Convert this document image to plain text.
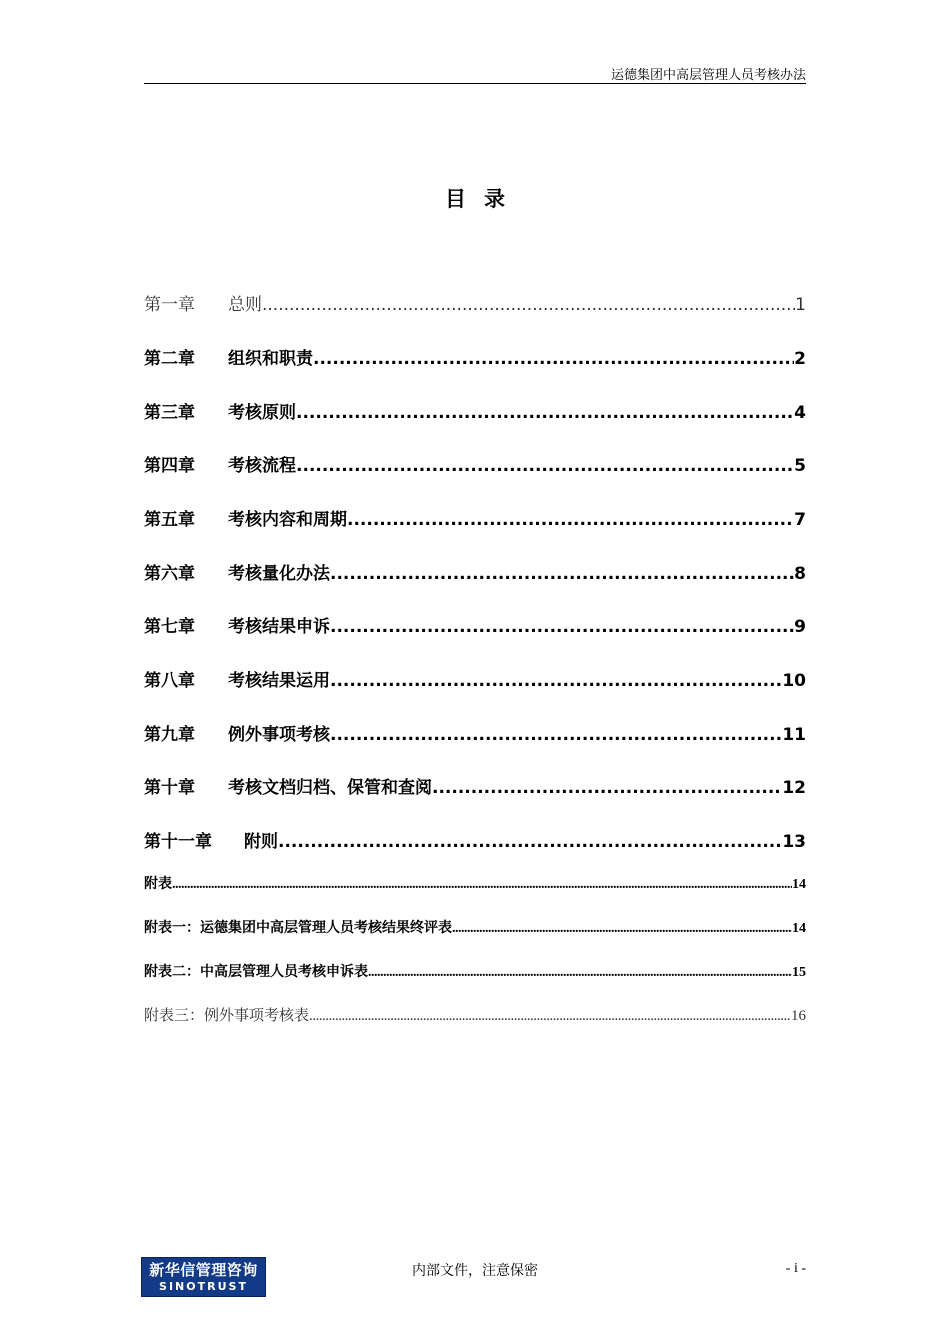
运德集团中高层管理人员考核办法
目录
第一章	总则 .....	1
第二章	组织和职责 .....	2
第三章	考核原则 .....	4
第四章	考核流程 .....	5
第五章	考核内容和周期 .....	7
第六章	考核量化办法 .....	8
第七章	考核结果申诉 .....	9
第八章	考核结果运用 .....	10
第九章	例外事项考核 .....	11
第十章	考核文档归档、保管和查阅 .....	12
第十一章	附则 .....	13
附表 .....	14
附表一：运德集团中高层管理人员考核结果终评表 .....	14
附表二：中高层管理人员考核申诉表 .....	15
附表三：例外事项考核表 .....	16
新华信管理咨询
SINOTRUST
内部文件，注意保密	- i -
